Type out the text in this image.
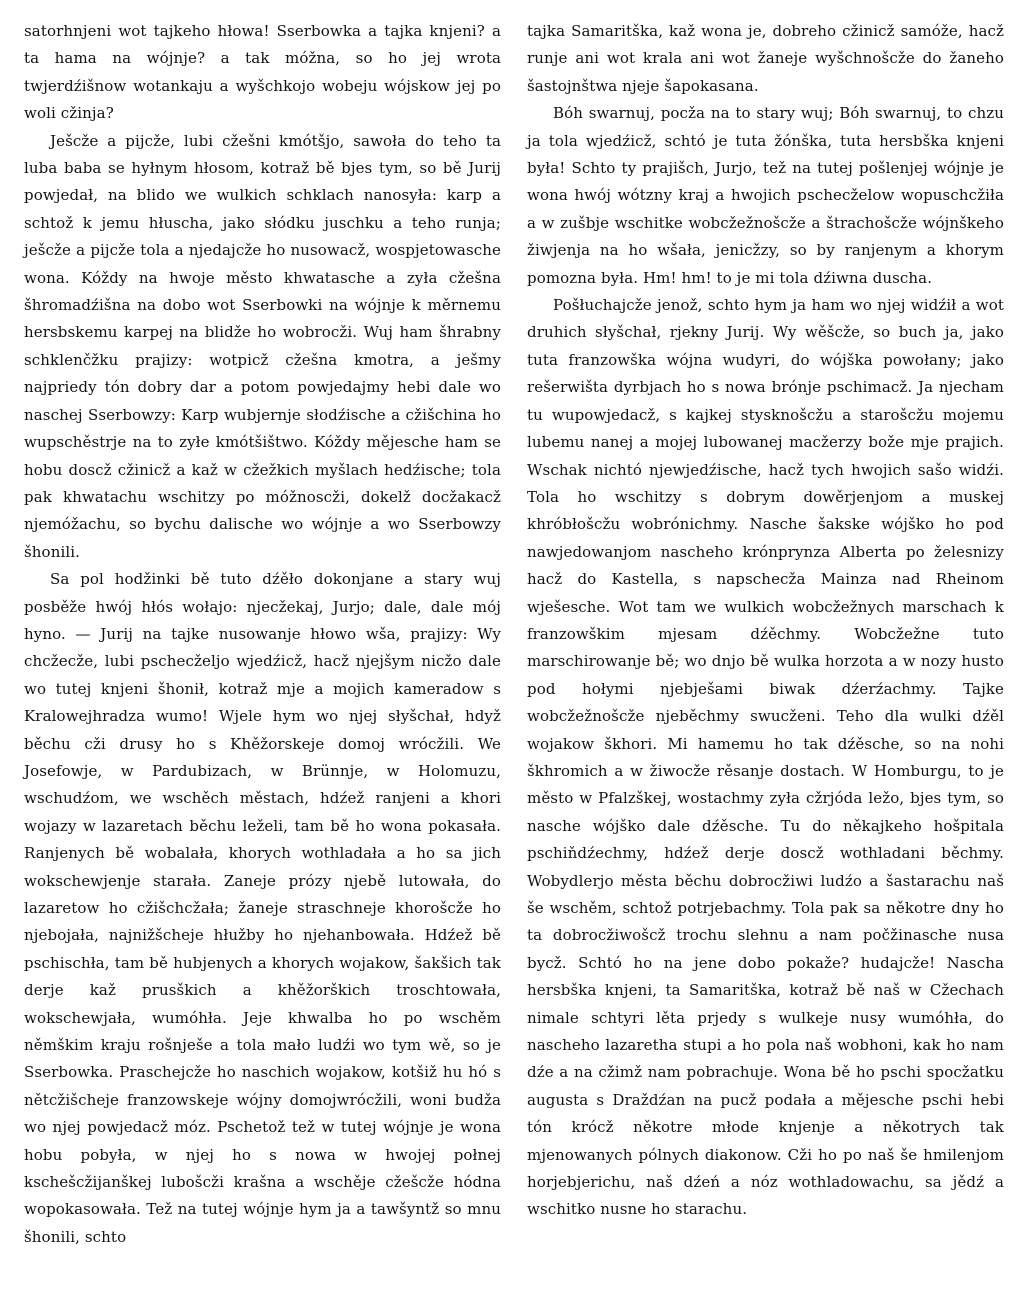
satorhnjeni wot tajkeho hłowa! Sserbowka a tajka knjeni? a ta hama na wójnje? a tak móžna, so ho jej wrota twjerdźišnow wotankaju a wyšchkojo wobeju wójskow jej po woli cžinja?

Ješcže a pijcže, lubi cžešni kmótšjo, sawoła do teho ta luba baba se hyłnym hłosom, kotraž bě bjes tym, so bě Jurij powjedał, na blido we wulkich schklach nanosyła: karp a schtož k jemu hłuscha, jako słódku juschku a teho runja; ješcže a pijcže tola a njedajcže ho nusowacž, wospjetowasche wona. Kóždy na hwoje město khwatasche a zyła cžešna šhromadźišna na dobo wot Sserbowki na wójnje k měrnemu hersbskemu karpej na blidže ho wobrocži. Wuj ham šhrabny schklenčžku prajizy: wotpicž cžešna kmotra, a ješmy najpriedy tón dobry dar a potom powjedajmy hebi dale wo naschej Sserbowzy: Karp wubjernje słodźische a cžišchina ho wupschěstrje na to zyłe kmótšištwo. Kóždy mějesche ham se hobu doscž cžinicž a kaž w cžežkich myšlach hedźische; tola pak khwatachu wschitzy po móžnoscži, dokelž docžakacž njemóžachu, so bychu dalische wo wójnje a wo Sserbowzy šhonili.

Sa pol hodžinki bě tuto dźěło dokonjane a stary wuj posběže hwój hłós wołajo: njecžekaj, Jurjo; dale, dale mój hyno. — Jurij na tajke nusowanje hłowo wša, prajizy: Wy chcžecže, lubi pschecželjo wjedźicž, hacž njejšym nicžo dale wo tutej knjeni šhonił, kotraž mje a mojich kameradow s Kralowejhradza wumo! Wjele hym wo njej słyšchał, hdyž běchu cži drusy ho s Khěžorskeje domoj wrócžili. We Josefowje, w Pardubizach, w Brünnje, w Holomuzu, wschudźom, we wschěch městach, hdźež ranjeni a khori wojazy w lazaretach běchu leželi, tam bě ho wona pokasała. Ranjenych bě wobalała, khorych wothladała a ho sa jich wokschewjenje starała. Zaneje prózy njebě lutowała, do lazaretow ho cžišchcžała; žaneje straschneje khorošcže ho njebojała, najnižšcheje hłužby ho njehanbowała. Hdźež bě pschischła, tam bě hubjenych a khorych wojakow, šakšich tak derje kaž prusškich a khěžorškich troschtowała, wokschewjała, wumóhła. Jeje khwalba ho po wschěm němškim kraju rošnješe a tola mało ludźi wo tym wě, so je Sserbowka. Praschejcže ho naschich wojakow, kotšiž hu hó s nětcžišcheje franzowskeje wójny domojwrócžili, woni budža wo njej powjedacž móz. Pschetož tež w tutej wójnje je wona hobu pobyła, w njej ho s nowa w hwojej połnej kschešcžijanškej lubošcži krašna a wschěje cžešcže hódna wopokasowała. Tež na tutej wójnje hym ja a tawšyntž so mnu šhonili, schto

tajka Samaritška, kaž wona je, dobreho cžinicž samóže, hacž runje ani wot krala ani wot žaneje wyšchnošcže do žaneho šastojnštwa njeje šapokasana.

Bóh swarnuj, pocža na to stary wuj; Bóh swarnuj, to chzu ja tola wjedźicž, schtó je tuta žónška, tuta hersbška knjeni była! Schto ty prajišch, Jurjo, tež na tutej pošlenjej wójnje je wona hwój wótzny kraj a hwojich pschecželow wopuschcžiła a w zušbje wschitke wobcžežnošcže a štrachošcže wójnškeho žiwjenja na ho wšała, jenicžzy, so by ranjenym a khorym pomozna była. Hm! hm! to je mi tola dźiwna duscha.

Pošłuchajcže jenož, schto hym ja ham wo njej widźił a wot druhich słyšchał, rjekny Jurij. Wy wěšcže, so buch ja, jako tuta franzowška wójna wudyri, do wójška powołany; jako rešerwišta dyrbjach ho s nowa brónje pschimacž. Ja njecham tu wupowjedacž, s kajkej stysknošcžu a starošcžu mojemu lubemu nanej a mojej lubowanej macžerzy bože mje prajich. Wschak nichtó njewjedźische, hacž tych hwojich sašo widźi. Tola ho wschitzy s dobrym dowěrjenjom a muskej khróbłošcžu wobrónichmy. Nasche šakske wójško ho pod nawjedowanjom nascheho krónprynza Alberta po želesnizy hacž do Kastella, s napschecža Mainza nad Rheinom wješesche. Wot tam we wulkich wobcžežnych marschach k franzowškim mjesam dźěchmy. Wobcžežne tuto marschirowanje bě; wo dnjo bě wulka horzota a w nozy husto pod hołymi njebješami biwak dźerźachmy. Tajke wobcžežnošcže njeběchmy swucženi. Teho dla wulki dźěl wojakow škhori. Mi hamemu ho tak dźěsche, so na nohi škhromich a w žiwocže rěsanje dostach. W Homburgu, to je město w Pfalzškej, wostachmy zyła cžrjóda ležo, bjes tym, so nasche wójško dale dźěsche. Tu do někajkeho hošpitala pschiňdźechmy, hdźež derje doscž wothladani běchmy. Wobydlerjo města běchu dobrocžiwi ludźo a šastarachu naš še wschěm, schtož potrjebachmy. Tola pak sa někotre dny ho ta dobrocžiwošcž trochu slehnu a nam počžinasche nusa bycž. Schtó ho na jene dobo pokaže? hudajcže! Nascha hersbška knjeni, ta Samaritška, kotraž bě naš w Cžechach nimale schtyri lěta prjedy s wulkeje nusy wumóhła, do nascheho lazaretha stupi a ho pola naš wobhoni, kak ho nam dźe a na cžimž nam pobrachuje. Wona bě ho pschi spocžatku augusta s Draždźan na pucž podała a mějesche pschi hebi tón krócž někotre młode knjenje a někotrych tak mjenowanych pólnych diakonow. Cži ho po naš še hmilenjom horjebjerichu, naš dźeń a nóz wothladowachu, sa jědź a wschitko nusne ho starachu.
